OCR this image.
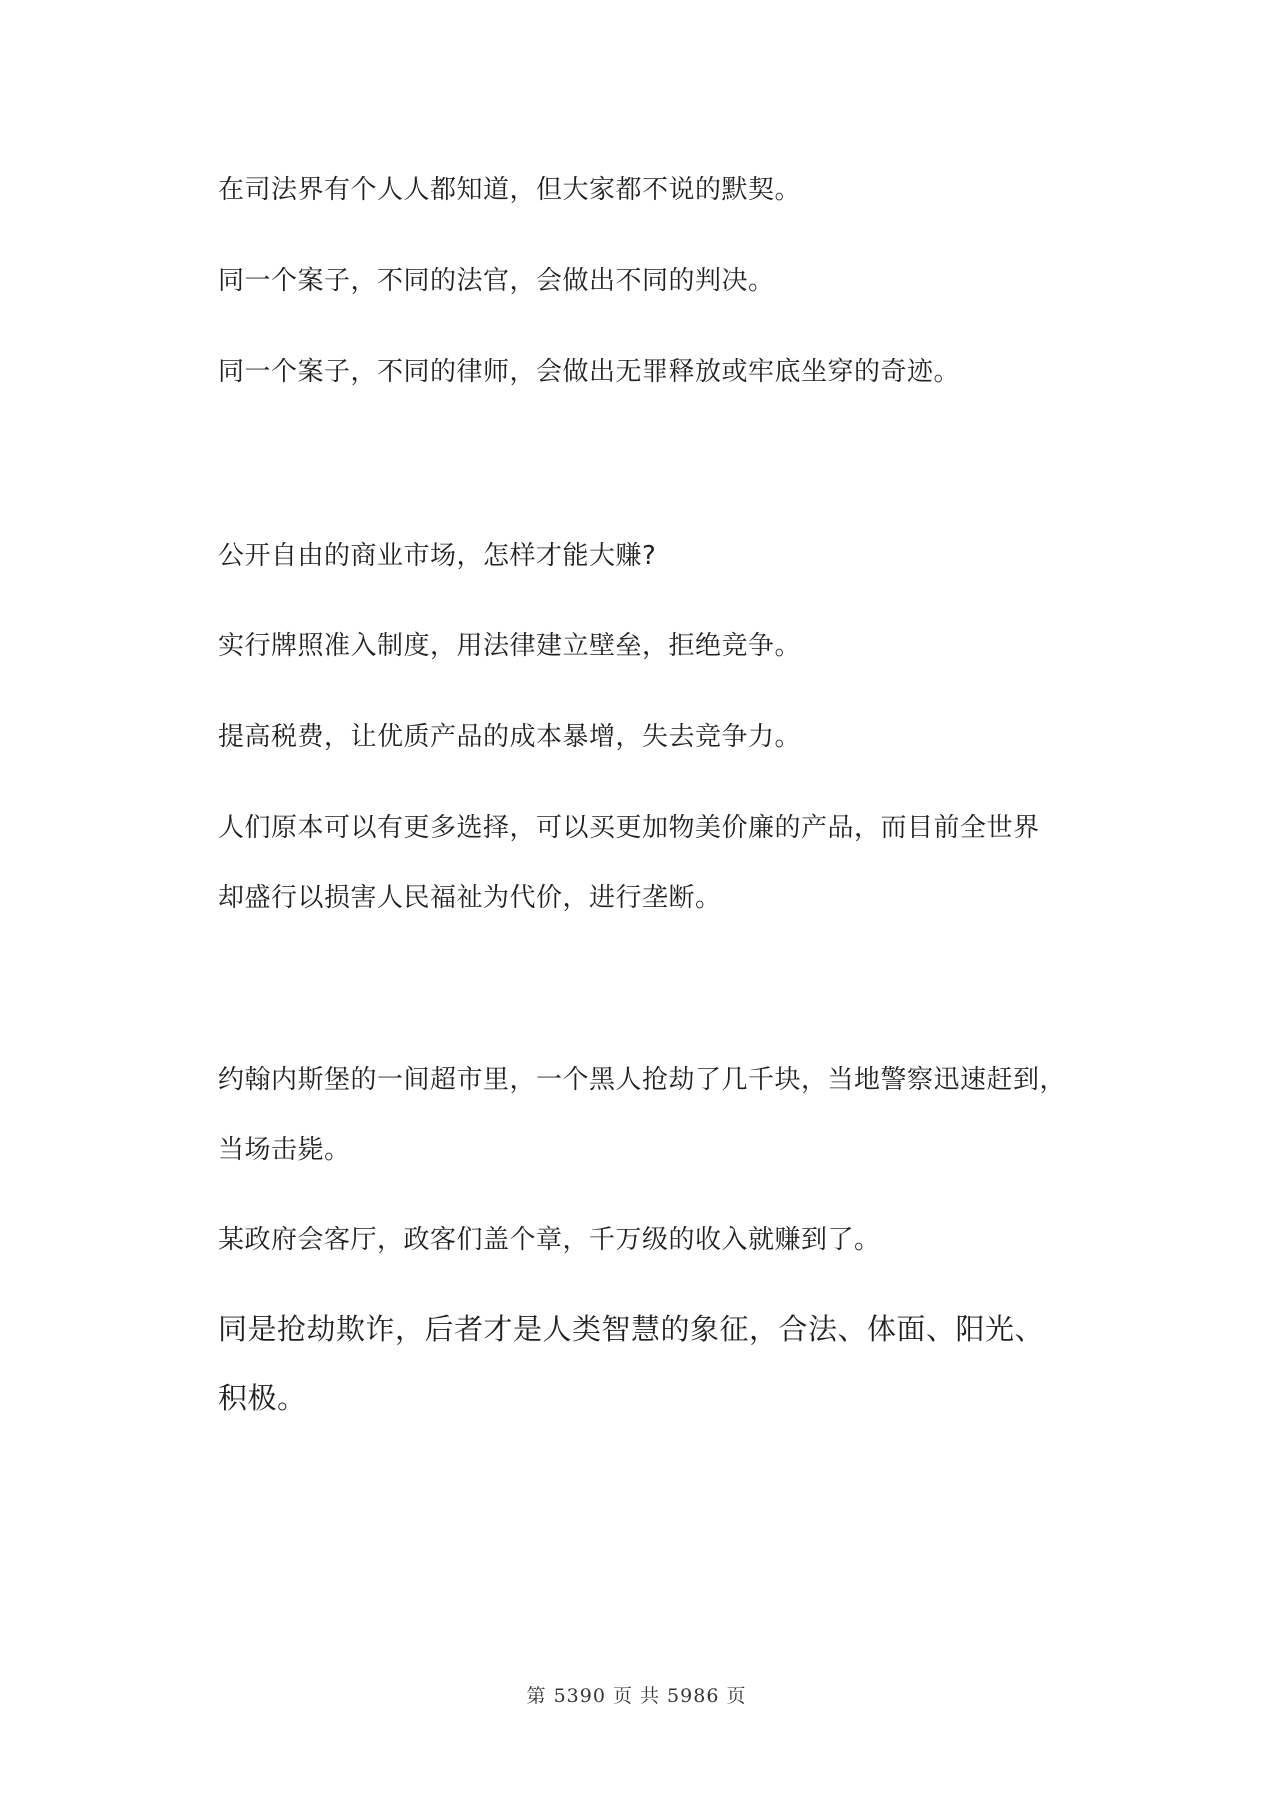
在司法界有个人人都知道，但大家都不说的默契。
同一个案子，不同的法官，会做出不同的判决。
同一个案子，不同的律师，会做出无罪释放或牢底坐穿的奇迹。
公开自由的商业市场，怎样才能大赚?
实行牌照准入制度，用法律建立壁垒，拒绝竞争。
提高税费，让优质产品的成本暴增，失去竞争力。
人们原本可以有更多选择，可以买更加物美价廉的产品，而目前全世界
却盛行以损害人民福祉为代价，进行垄断。
约翰内斯堡的一间超市里，一个黑人抢劫了几千块，当地警察迅速赶到，
当场击毙。
某政府会客厅，政客们盖个章，千万级的收入就赚到了。
同是抢劫欺诈，后者才是人类智慧的象征，合法、体面、阳光、
积极。
第 5390 页 共 5986 页
